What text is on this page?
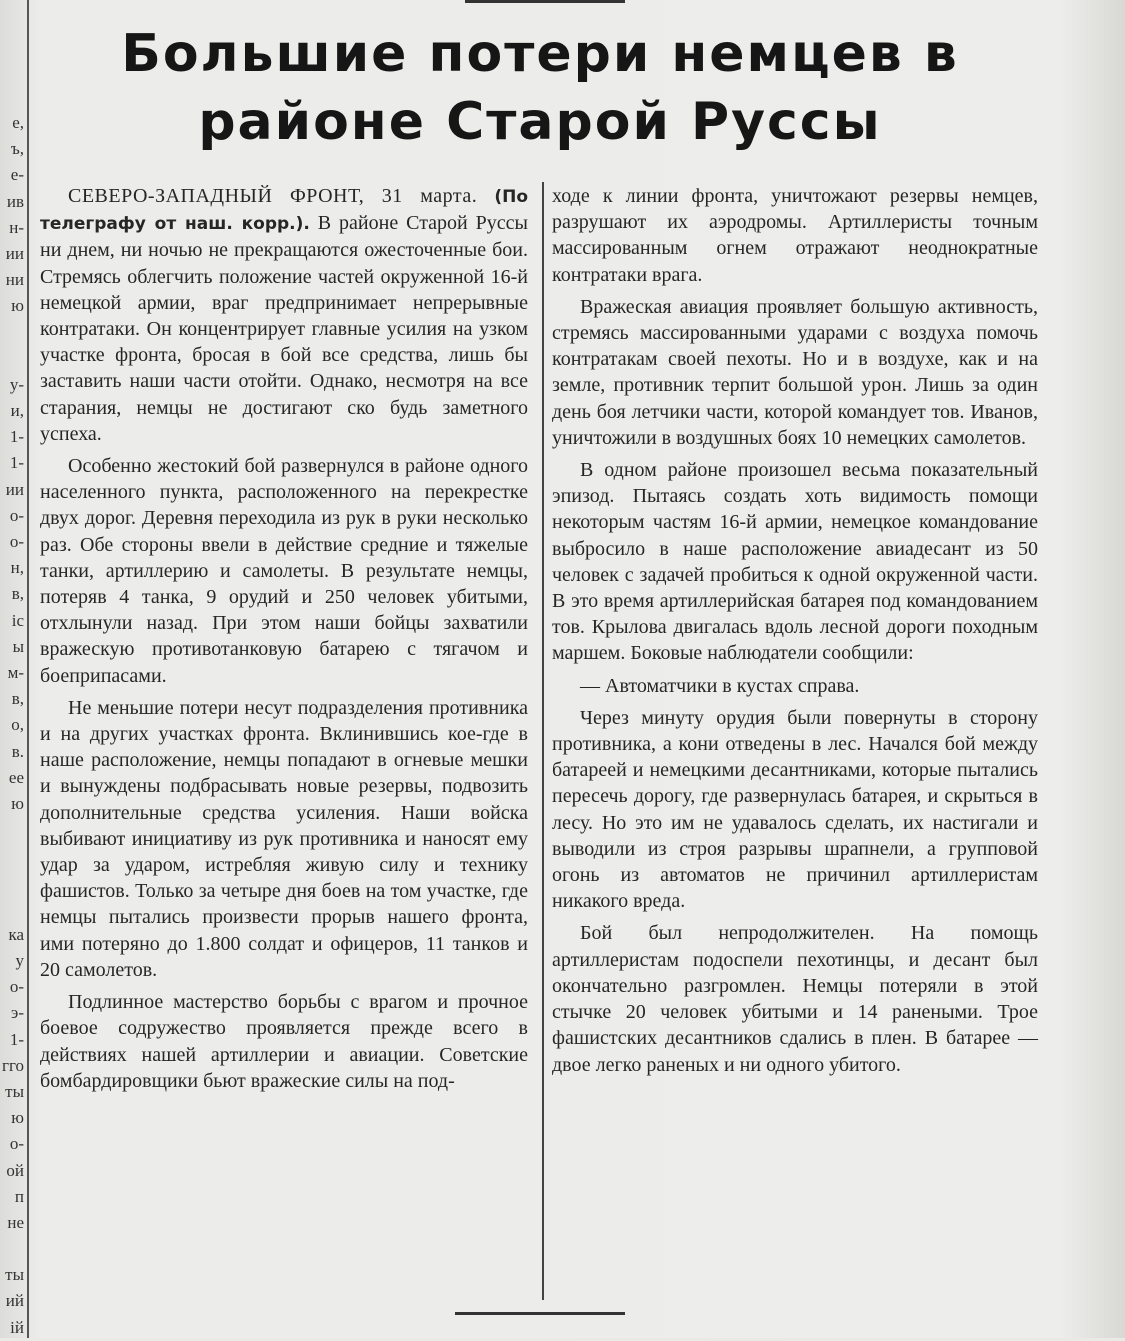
е,
ъ,
е-
ив
н-
ии
ни
ю
у-
и,
1-
1-
ии
о-
о-
н,
в,
іс
ы
м-
в,
о,
в.
ее
ю
ка
у
о-
э-
1-
гго
ты
ю
о-
ой
п
не
ты
ий
ій
Большие потери немцев в районе Старой Руссы

СЕВЕРО-ЗАПАДНЫЙ ФРОНТ, 31 марта. (По телеграфу от наш. корр.). В районе Старой Руссы ни днем, ни ночью не прекращаются ожесточенные бои. Стремясь облегчить положение частей окруженной 16-й немецкой армии, враг предпринимает непрерывные контратаки. Он концентрирует главные усилия на узком участке фронта, бросая в бой все средства, лишь бы заставить наши части отойти. Однако, несмотря на все старания, немцы не достигают ско будь заметного успеха.

Особенно жестокий бой развернулся в районе одного населенного пункта, расположенного на перекрестке двух дорог. Деревня переходила из рук в руки несколько раз. Обе стороны ввели в действие средние и тяжелые танки, артиллерию и самолеты. В результате немцы, потеряв 4 танка, 9 орудий и 250 человек убитыми, отхлынули назад. При этом наши бойцы захватили вражескую противотанковую батарею с тягачом и боеприпасами.

Не меньшие потери несут подразделения противника и на других участках фронта. Вклинившись кое-где в наше расположение, немцы попадают в огневые мешки и вынуждены подбрасывать новые резервы, подвозить дополнительные средства усиления. Наши войска выбивают инициативу из рук противника и наносят ему удар за ударом, истребляя живую силу и технику фашистов. Только за четыре дня боев на том участке, где немцы пытались произвести прорыв нашего фронта, ими потеряно до 1.800 солдат и офицеров, 11 танков и 20 самолетов.

Подлинное мастерство борьбы с врагом и прочное боевое содружество проявляется прежде всего в действиях нашей артиллерии и авиации. Советские бомбардировщики бьют вражеские силы на под-

ходе к линии фронта, уничтожают резервы немцев, разрушают их аэродромы. Артиллеристы точным массированным огнем отражают неоднократные контратаки врага.

Вражеская авиация проявляет большую активность, стремясь массированными ударами с воздуха помочь контратакам своей пехоты. Но и в воздухе, как и на земле, противник терпит большой урон. Лишь за один день боя летчики части, которой командует тов. Иванов, уничтожили в воздушных боях 10 немецких самолетов.

В одном районе произошел весьма показательный эпизод. Пытаясь создать хоть видимость помощи некоторым частям 16-й армии, немецкое командование выбросило в наше расположение авиадесант из 50 человек с задачей пробиться к одной окруженной части. В это время артиллерийская батарея под командованием тов. Крылова двигалась вдоль лесной дороги походным маршем. Боковые наблюдатели сообщили:

— Автоматчики в кустах справа.

Через минуту орудия были повернуты в сторону противника, а кони отведены в лес. Начался бой между батареей и немецкими десантниками, которые пытались пересечь дорогу, где развернулась батарея, и скрыться в лесу. Но это им не удавалось сделать, их настигали и выводили из строя разрывы шрапнели, а групповой огонь из автоматов не причинил артиллеристам никакого вреда.

Бой был непродолжителен. На помощь артиллеристам подоспели пехотинцы, и десант был окончательно разгромлен. Немцы потеряли в этой стычке 20 человек убитыми и 14 ранеными. Трое фашистских десантников сдались в плен. В батарее — двое легко раненых и ни одного убитого.
